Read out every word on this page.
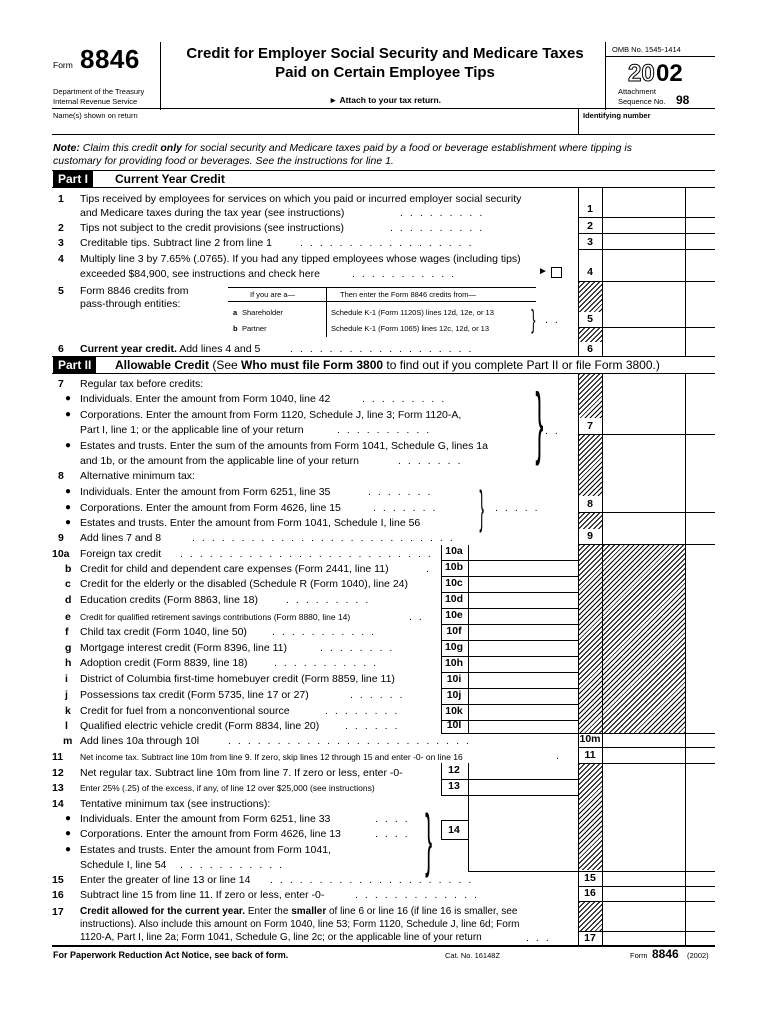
Form 8846
Department of the Treasury
Internal Revenue Service
Credit for Employer Social Security and Medicare Taxes
Paid on Certain Employee Tips
► Attach to your tax return.
OMB No. 1545-1414
20 02
Attachment
Sequence No. 98
Name(s) shown on return	Identifying number
Note: Claim this credit only for social security and Medicare taxes paid by a food or beverage establishment where tipping is
customary for providing food or beverages. See the instructions for line 1.
Part I	Current Year Credit
1 Tips received by employees for services on which you paid or incurred employer social security
and Medicare taxes during the tax year (see instructions)	.........	1
2 Tips not subject to the credit provisions (see instructions)	..........	2
3 Creditable tips. Subtract line 2 from line 1	..................	3
4 Multiply line 3 by 7.65% (.0765). If you had any tipped employees whose wages (including tips)
exceeded $84,900, see instructions and check here	...........	►	4
5 Form 8846 credits from
pass-through entities:
If you are a—	Then enter the Form 8846 credits from—
a Shareholder	Schedule K-1 (Form 1120S) lines 12d, 12e, or 13
b Partner	Schedule K-1 (Form 1065) lines 12c, 12d, or 13 } ..	5
6 Current year credit. Add lines 4 and 5	...................	6
Part II	Allowable Credit (See Who must file Form 3800 to find out if you complete Part II or file Form 3800.)
7 Regular tax before credits:
● Individuals. Enter the amount from Form 1040, line 42	.........
● Corporations. Enter the amount from Form 1120, Schedule J, line 3; Form 1120-A,
Part I, line 1; or the applicable line of your return	..........
● Estates and trusts. Enter the sum of the amounts from Form 1041, Schedule G, lines 1a
and 1b, or the amount from the applicable line of your return	....... } ..	7
8 Alternative minimum tax:
● Individuals. Enter the amount from Form 6251, line 35	.......
● Corporations. Enter the amount from Form 4626, line 15	.......	.....
● Estates and trusts. Enter the amount from Form 1041, Schedule I, line 56 }	8
9 Add lines 7 and 8	...........................	9
10a Foreign tax credit .......................... 10a
b Credit for child and dependent care expenses (Form 2441, line 11)	. 10b
c Credit for the elderly or the disabled (Schedule R (Form 1040), line 24)	10c
d Education credits (Form 8863, line 18)	.........	10d
e Credit for qualified retirement savings contributions (Form 8880, line 14)	.. 10e
f Child tax credit (Form 1040, line 50) ...........	10f
g Mortgage interest credit (Form 8396, line 11)	........	10g
h Adoption credit (Form 8839, line 18)	...........	10h
i District of Columbia first-time homebuyer credit (Form 8859, line 11)	10i
j Possessions tax credit (Form 5735, line 17 or 27)	......	10j
k Credit for fuel from a nonconventional source	........	10k
l Qualified electric vehicle credit (Form 8834, line 20) ......	10l
m Add lines 10a through 10l	.........................	10m
11 Net income tax. Subtract line 10m from line 9. If zero, skip lines 12 through 15 and enter -0- on line 16	.	11
12 Net regular tax. Subtract line 10m from line 7. If zero or less, enter -0-	12
13 Enter 25% (.25) of the excess, if any, of line 12 over $25,000 (see instructions)	13
14 Tentative minimum tax (see instructions):
● Individuals. Enter the amount from Form 6251, line 33	....
● Corporations. Enter the amount from Form 4626, line 13	....
● Estates and trusts. Enter the amount from Form 1041,
Schedule I, line 54 ........... }	14
15 Enter the greater of line 13 or line 14 .....................	15
16 Subtract line 15 from line 11. If zero or less, enter -0-	.............	16
17 Credit allowed for the current year. Enter the smaller of line 6 or line 16 (if line 16 is smaller, see
instructions). Also include this amount on Form 1040, line 53; Form 1120, Schedule J, line 6d; Form
1120-A, Part I, line 2a; Form 1041, Schedule G, line 2c; or the applicable line of your return	...	17
For Paperwork Reduction Act Notice, see back of form.	Cat. No. 16148Z	Form 8846 (2002)
